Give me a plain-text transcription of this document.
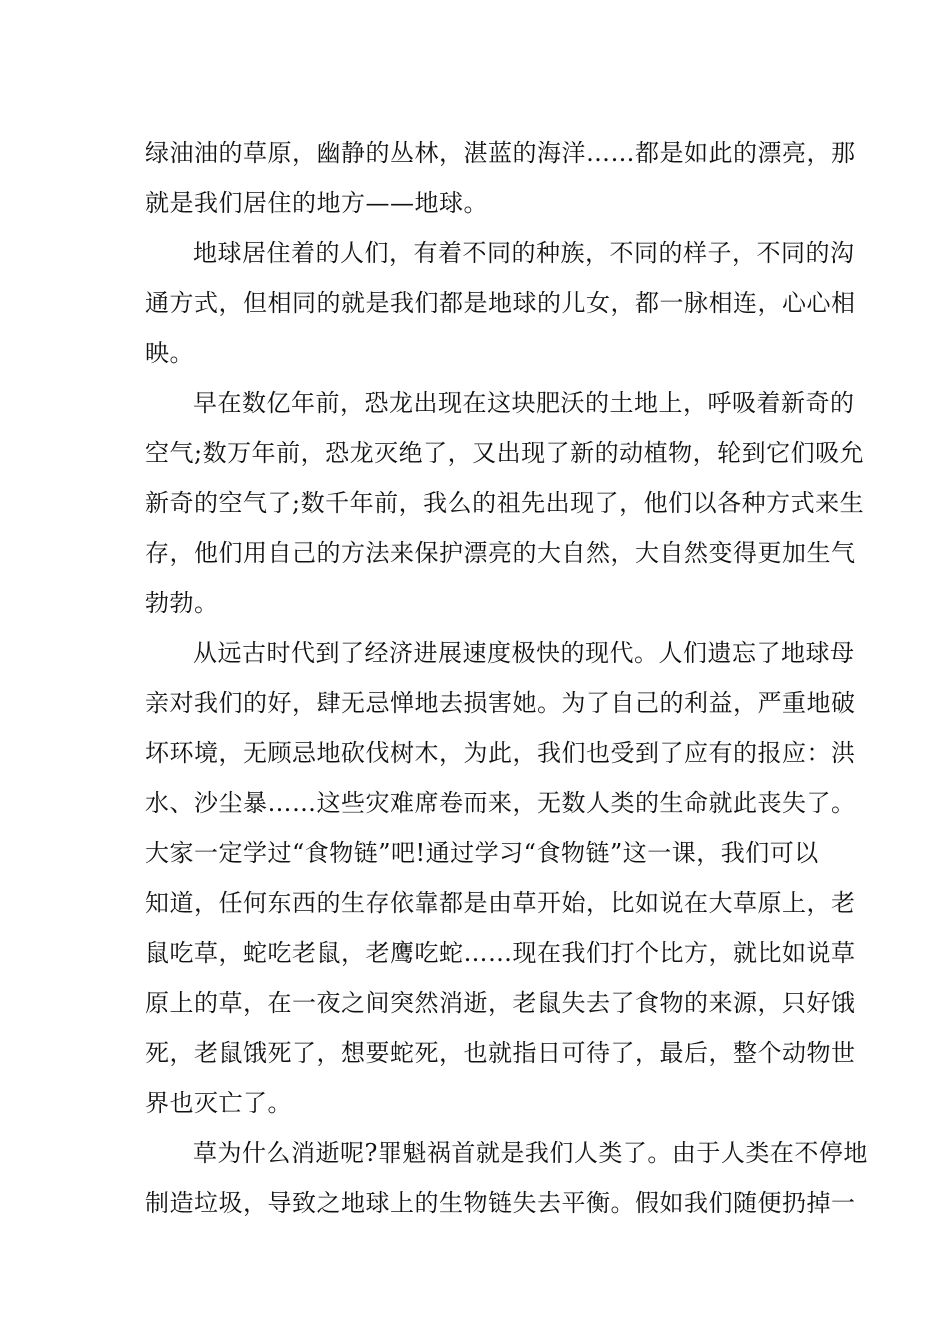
绿油油的草原，幽静的丛林，湛蓝的海洋……都是如此的漂亮，那
就是我们居住的地方——地球。
地球居住着的人们，有着不同的种族，不同的样子，不同的沟
通方式，但相同的就是我们都是地球的儿女，都一脉相连，心心相
映。
早在数亿年前，恐龙出现在这块肥沃的土地上，呼吸着新奇的
空气;数万年前，恐龙灭绝了，又出现了新的动植物，轮到它们吸允
新奇的空气了;数千年前，我么的祖先出现了，他们以各种方式来生
存，他们用自己的方法来保护漂亮的大自然，大自然变得更加生气
勃勃。
从远古时代到了经济进展速度极快的现代。人们遗忘了地球母
亲对我们的好，肆无忌惮地去损害她。为了自己的利益，严重地破
坏环境，无顾忌地砍伐树木，为此，我们也受到了应有的报应：洪
水、沙尘暴……这些灾难席卷而来，无数人类的生命就此丧失了。
大家一定学过“食物链”吧!通过学习“食物链”这一课，我们可以
知道，任何东西的生存依靠都是由草开始，比如说在大草原上，老
鼠吃草，蛇吃老鼠，老鹰吃蛇……现在我们打个比方，就比如说草
原上的草，在一夜之间突然消逝，老鼠失去了食物的来源，只好饿
死，老鼠饿死了，想要蛇死，也就指日可待了，最后，整个动物世
界也灭亡了。
草为什么消逝呢?罪魁祸首就是我们人类了。由于人类在不停地
制造垃圾，导致之地球上的生物链失去平衡。假如我们随便扔掉一
